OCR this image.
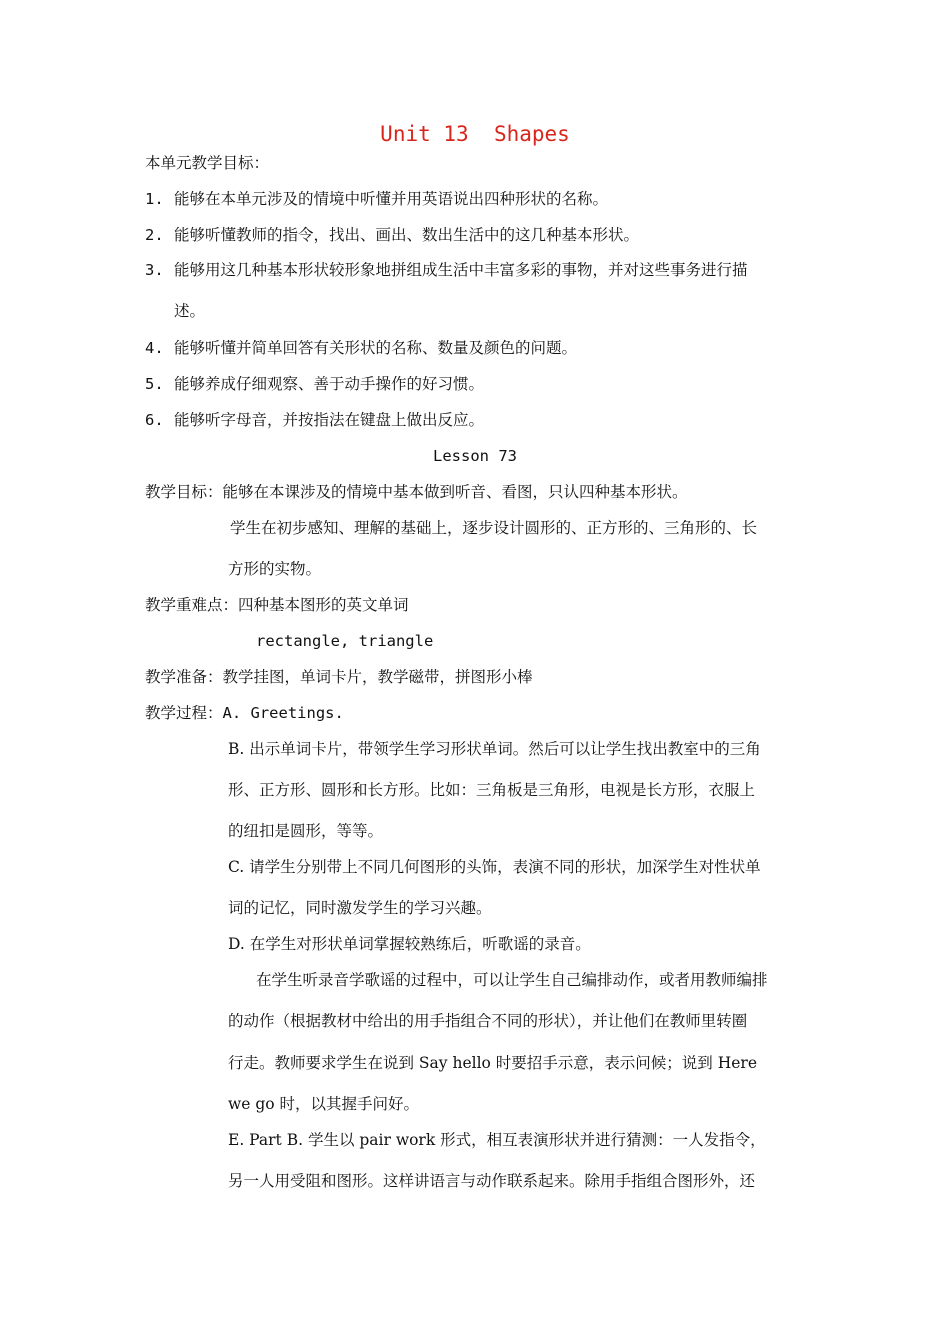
Unit 13  Shapes
本单元教学目标：
1. 能够在本单元涉及的情境中听懂并用英语说出四种形状的名称。
2. 能够听懂教师的指令，找出、画出、数出生活中的这几种基本形状。
3. 能够用这几种基本形状较形象地拼组成生活中丰富多彩的事物，并对这些事务进行描
述。
4. 能够听懂并简单回答有关形状的名称、数量及颜色的问题。
5. 能够养成仔细观察、善于动手操作的好习惯。
6. 能够听字母音，并按指法在键盘上做出反应。
Lesson 73
教学目标：能够在本课涉及的情境中基本做到听音、看图，只认四种基本形状。
学生在初步感知、理解的基础上，逐步设计圆形的、正方形的、三角形的、长
方形的实物。
教学重难点：四种基本图形的英文单词
rectangle, triangle
教学准备：教学挂图，单词卡片，教学磁带，拼图形小棒
教学过程：A. Greetings.
B. 出示单词卡片，带领学生学习形状单词。然后可以让学生找出教室中的三角
形、正方形、圆形和长方形。比如：三角板是三角形，电视是长方形，衣服上
的纽扣是圆形，等等。
C. 请学生分别带上不同几何图形的头饰，表演不同的形状，加深学生对性状单
词的记忆，同时激发学生的学习兴趣。
D. 在学生对形状单词掌握较熟练后，听歌谣的录音。
在学生听录音学歌谣的过程中，可以让学生自己编排动作，或者用教师编排
的动作（根据教材中给出的用手指组合不同的形状），并让他们在教师里转圈
行走。教师要求学生在说到 Say hello 时要招手示意，表示问候；说到 Here
we go 时，以其握手问好。
E. Part B. 学生以 pair work 形式，相互表演形状并进行猜测：一人发指令，
另一人用受阻和图形。这样讲语言与动作联系起来。除用手指组合图形外，还
